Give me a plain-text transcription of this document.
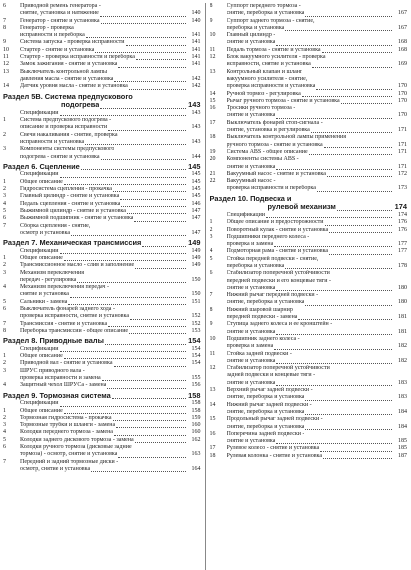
6	Приводной ремень генератора -
снятие, установка и натяжение	140
7	Генератор - снятие и установка	140
8	Генератор - проверка
исправности и переборка	141
9	Система запуска - проверка исправности	141
10	Стартер - снятие и установка	141
11	Стартер - проверка исправности и переборка	141
12	Замок зажигания - снятие и установка	141
13	Выключатель контрольной лампы
давления масла - снятие и установка	142
14	Датчик уровня масла - снятие и установка	142
Раздел 5B. Система предпускового
подогрева	143
Спецификации	143
1	Система предпускового подогрева -
описание и проверка исправности	143
2	Свечи накаливания - снятие, проверка
исправности и установка	143
3	Компоненты системы предпускового
подогрева - снятие и установка	144
Раздел 6. Сцепление	145
Спецификации	145
1	Общее описание	145
2	Гидросистема сцепления - прокачка	145
3	Главный цилиндр - снятие и установка	145
4	Педаль сцепления - снятие и установка	146
5	Выжимной цилиндр - снятие и установка	147
6	Выжимной подшипник - снятие и установка	147
7	Сборка сцепления - снятие,
осмотр и установка	147
Раздел 7. Механическая трансмиссия	149
Спецификации	149
1	Общее описание	149
2	Трансмиссионное масло - слив и заполнение	149
3	Механизм переключения
передач - регулировка	150
4	Механизм переключения передач -
снятие и установка	150
5	Сальники - замена	151
6	Выключатель фонарей заднего хода -
проверка исправности, снятие и установка	152
7	Трансмиссия - снятие и установка	152
8	Переборка трансмиссии - общее описание	153
Раздел 8. Приводные валы	154
Спецификации	154
1	Общее описание	154
2	Приводной вал - снятие и установка	154
3	ШРУС приводного вала -
проверка исправности и замена	155
4	Защитный чехол ШРУСа - замена	156
Раздел 9. Тормозная система	158
Спецификации	158
1	Общее описание	158
2	Тормозная гидросистема - прокачка	159
3	Тормозные трубки и шланги - замена	160
4	Колодки переднего тормоза - замена	160
5	Колодки заднего дискового тормоза - замена	162
6	Колодки ручного тормоза (дисковые задние
тормоза) - осмотр, снятие и установка	163
7	Передний и задний тормозные диски -
осмотр, снятие и установка	164
8	Суппорт переднего тормоза -
снятие, переборка и установка	167
9	Суппорт заднего тормоза - снятие,
переборка и установка	167
10	Главный цилиндр -
снятие и установка	168
11	Педаль тормоза - снятие и установка	168
12	Блок вакуумного усилителя - проверка
исправности, снятие и установка	169
13	Контрольный клапан и шланг
вакуумного усилителя - снятие,
проверка исправности и установка	170
14	Ручной тормоз - регулировка	170
15	Рычаг ручного тормоза - снятие и установка	170
16	Тросики ручного тормоза -
снятие и установка	170
17	Выключатель фонарей стоп-сигнала -
снятие, установка и регулировка	171
18	Выключатель контрольной лампы применения
ручного тормоза - снятие и установка	171
19	Система ABS - общее описание	171
20	Компоненты системы ABS -
снятие и установка	171
21	Вакуумный насос - снятие и установка	172
22	Вакуумный насос -
проверка исправности и переборка	173
Раздел 10. Подвеска и
рулевой механизм	174
Спецификации	174
1	Общее описание и предосторожности	176
2	Поворотный кулак - снятие и установка	176
3	Подшипники переднего колеса -
проверка и замена	177
4	Подмоторная рама - снятие и установка	177
5	Стойка передней подвески - снятие,
переборка и установка	178
6	Стабилизатор поперечной устойчивости
передней подвески и его концевые тяги -
снятие и установка	180
7	Нижний рычаг передней подвески -
снятие, переборка и установка	180
8	Нижний шаровой шарнир
передней подвески - замена	181
9	Ступица заднего колеса и ее кронштейн -
снятие и установка	181
10	Подшипник заднего колеса -
проверка и замена	182
11	Стойка задней подвески -
снятие и установка	182
12	Стабилизатор поперечной устойчивости
задней подвески и концевые тяги -
снятие и установка	183
13	Верхний рычаг задней подвески -
снятие, переборка и установка	183
14	Нижний рычаг задней подвески -
снятие, переборка и установка	184
15	Продольный рычаг задней подвески -
снятие, переборка и установка	184
16	Поперечина задней подвески -
снятие и установка	185
17	Рулевое колесо - снятие и установка	185
18	Рулевая колонка - снятие и установка	187
